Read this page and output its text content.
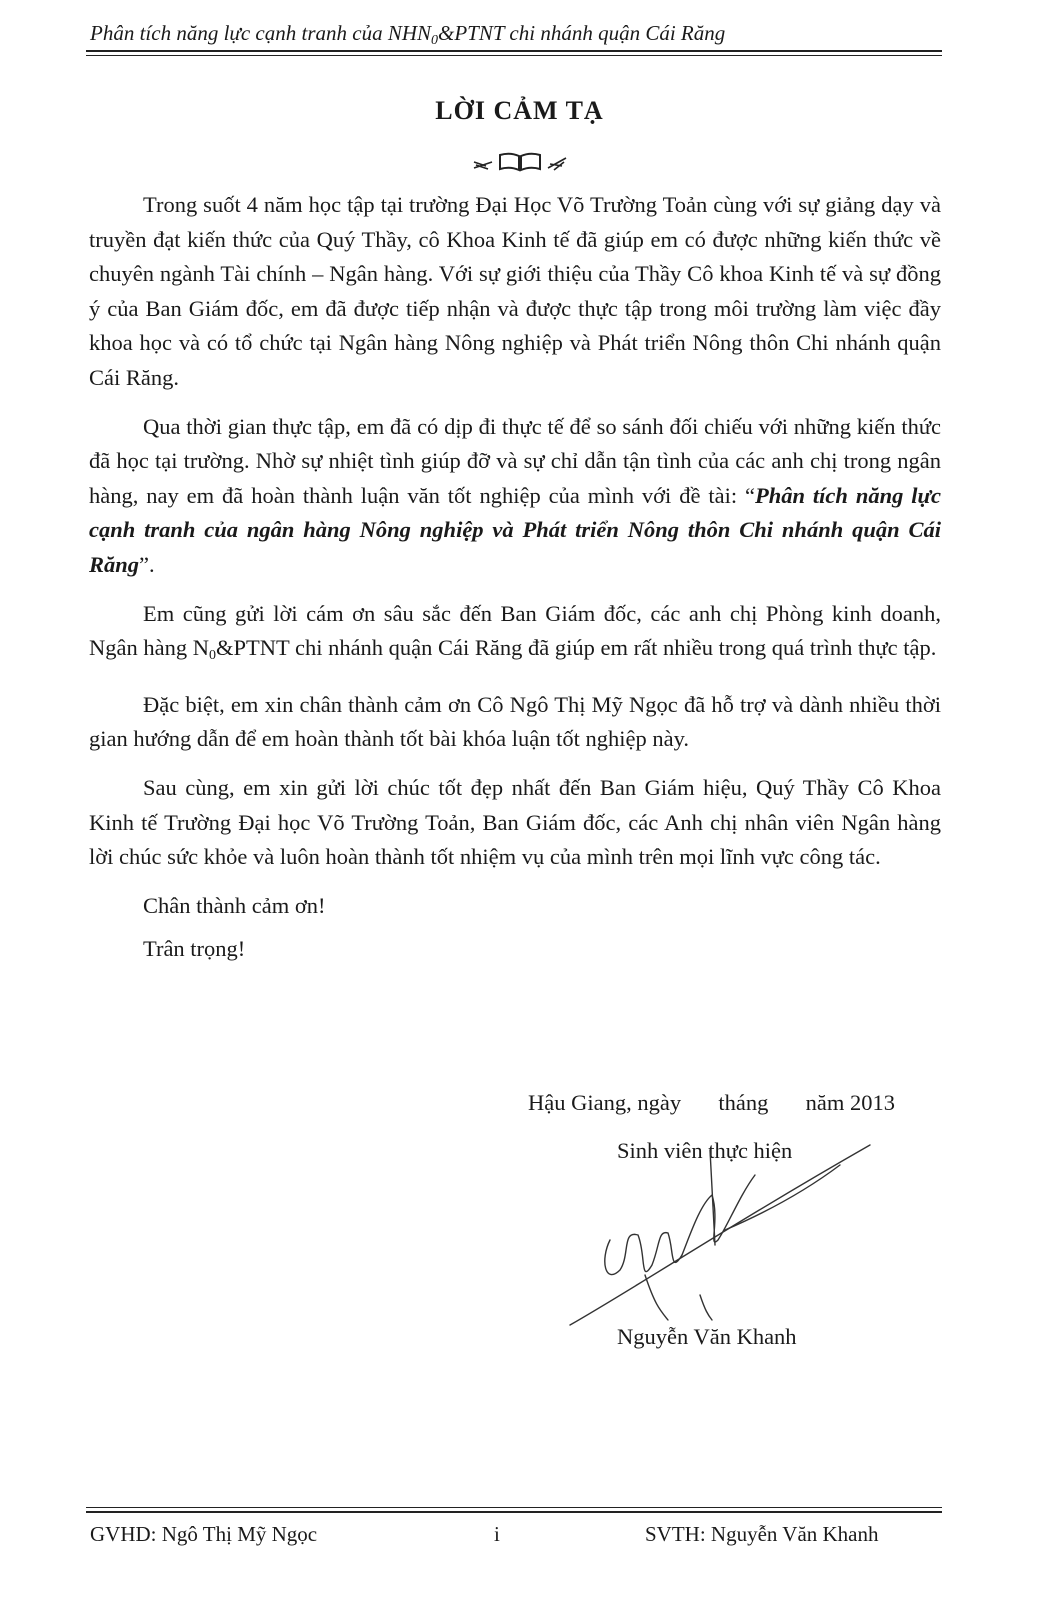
Phân tích năng lực cạnh tranh của $NHN_0\&PTNT$ chi nhánh quận Cái Răng
LỜI CẢM TẠ

Trong suốt 4 năm học tập tại trường Đại Học Võ Trường Toản cùng với sự giảng dạy và truyền đạt kiến thức của Quý Thầy, cô Khoa Kinh tế đã giúp em có được những kiến thức về chuyên ngành Tài chính – Ngân hàng. Với sự giới thiệu của Thầy Cô khoa Kinh tế và sự đồng ý của Ban Giám đốc, em đã được tiếp nhận và được thực tập trong môi trường làm việc đầy khoa học và có tổ chức tại Ngân hàng Nông nghiệp và Phát triển Nông thôn Chi nhánh quận Cái Răng.

Qua thời gian thực tập, em đã có dịp đi thực tế để so sánh đối chiếu với những kiến thức đã học tại trường. Nhờ sự nhiệt tình giúp đỡ và sự chỉ dẫn tận tình của các anh chị trong ngân hàng, nay em đã hoàn thành luận văn tốt nghiệp của mình với đề tài: “Phân tích năng lực cạnh tranh của ngân hàng Nông nghiệp và Phát triển Nông thôn Chi nhánh quận Cái Răng”.

Em cũng gửi lời cám ơn sâu sắc đến Ban Giám đốc, các anh chị Phòng kinh doanh, Ngân hàng $N_0\&PTNT$ chi nhánh quận Cái Răng đã giúp em rất nhiều trong quá trình thực tập.

Đặc biệt, em xin chân thành cảm ơn Cô Ngô Thị Mỹ Ngọc đã hỗ trợ và dành nhiều thời gian hướng dẫn để em hoàn thành tốt bài khóa luận tốt nghiệp này.

Sau cùng, em xin gửi lời chúc tốt đẹp nhất đến Ban Giám hiệu, Quý Thầy Cô Khoa Kinh tế Trường Đại học Võ Trường Toản, Ban Giám đốc, các Anh chị nhân viên Ngân hàng lời chúc sức khỏe và luôn hoàn thành tốt nhiệm vụ của mình trên mọi lĩnh vực công tác.

Chân thành cảm ơn!

Trân trọng!

Hậu Giang, ngày tháng năm 2013
Sinh viên thực hiện
Nguyễn Văn Khanh
GVHD: Ngô Thị Mỹ Ngọc	i	SVTH: Nguyễn Văn Khanh
